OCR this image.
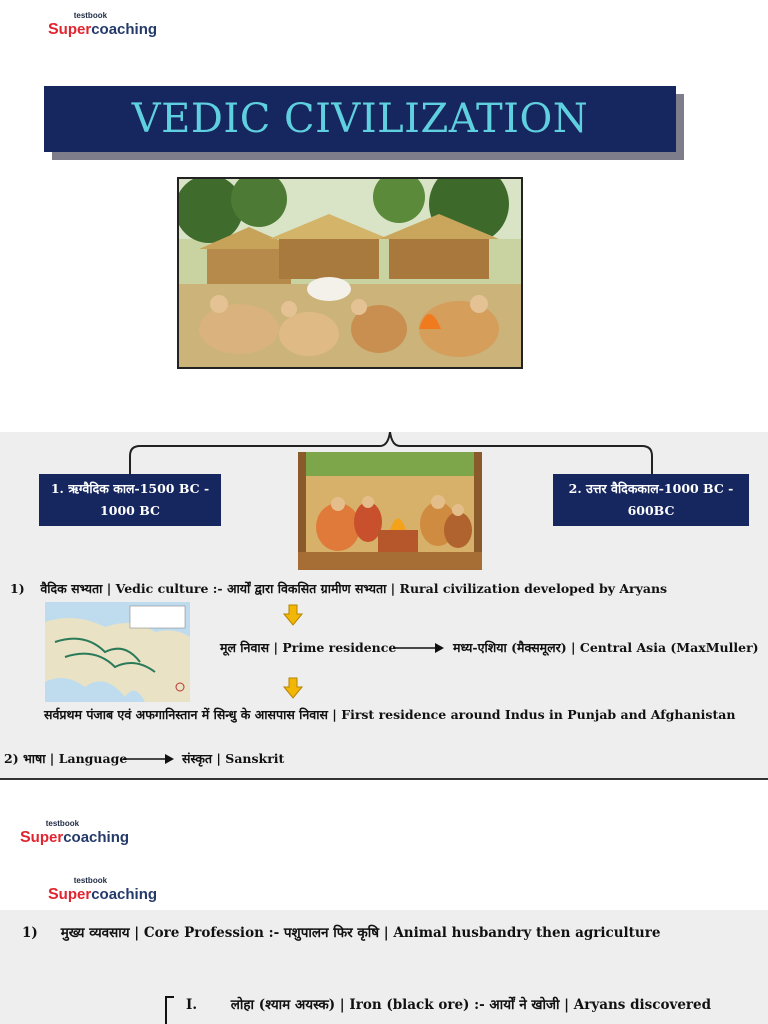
testbook
Supercoaching
VEDIC CIVILIZATION
1. ऋग्वैदिक काल-1500 BC -
1000 BC
2. उत्तर वैदिककाल-1000 BC -
600BC
1) वैदिक सभ्यता | Vedic culture :- आर्यों द्वारा विकसित ग्रामीण सभ्यता | Rural civilization developed by Aryans
मूल निवास | Prime residence	मध्य-एशिया (मैक्समूलर) | Central Asia (MaxMuller)
सर्वप्रथम पंजाब एवं अफगानिस्तान में सिन्धु के आसपास निवास | First residence around Indus in Punjab and Afghanistan
2) भाषा | Language	संस्कृत | Sanskrit
testbook
Supercoaching
testbook
Supercoaching
1) मुख्य व्यवसाय | Core Profession :- पशुपालन फिर कृषि | Animal husbandry then agriculture
I. लोहा (श्याम अयस्क) | Iron (black ore) :- आर्यों ने खोजी | Aryans discovered
